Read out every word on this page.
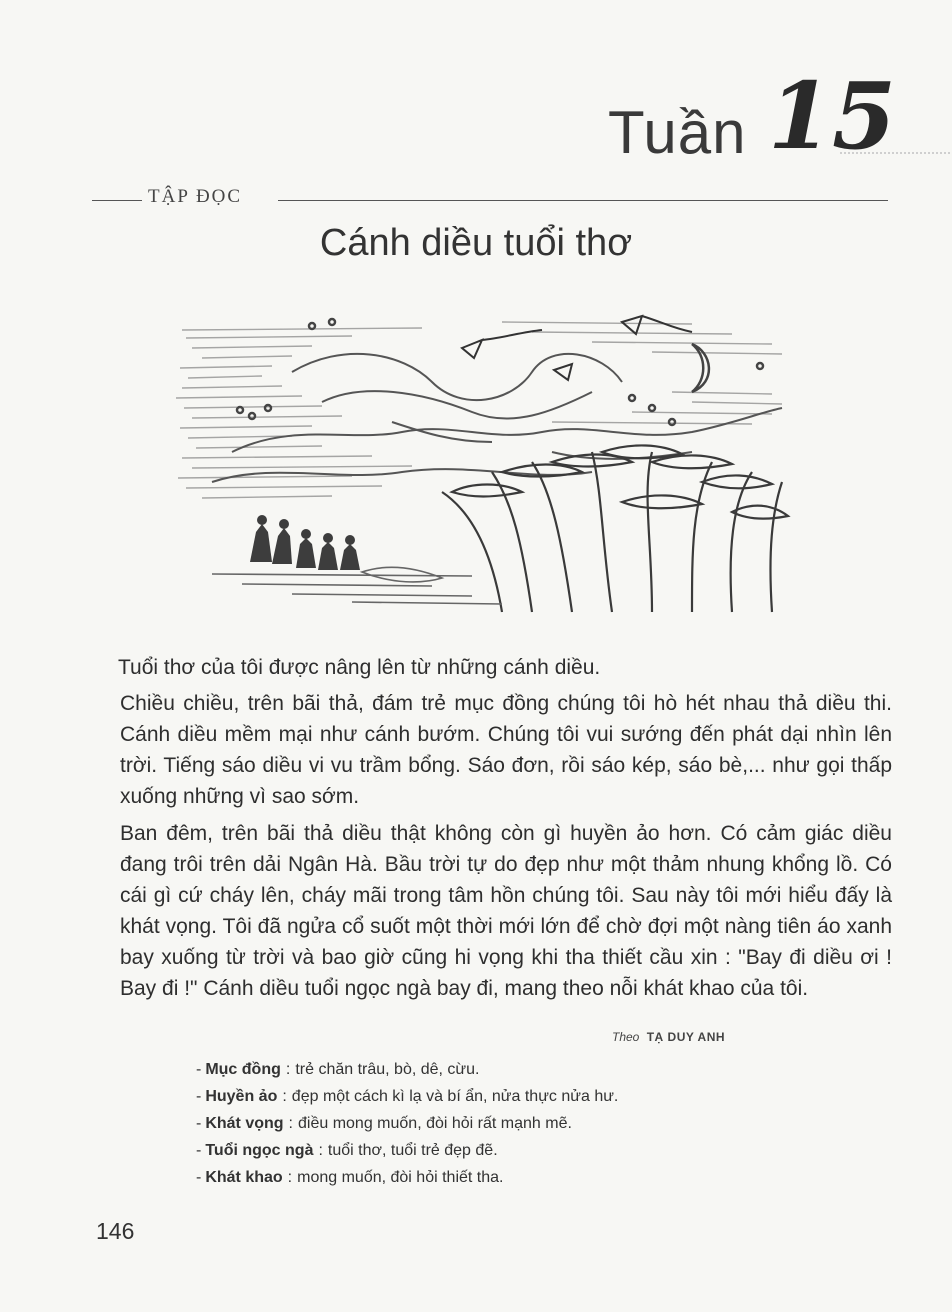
Tuần 15
TẬP ĐỌC
Cánh diều tuổi thơ

Tuổi thơ của tôi được nâng lên từ những cánh diều.

Chiều chiều, trên bãi thả, đám trẻ mục đồng chúng tôi hò hét nhau thả diều thi. Cánh diều mềm mại như cánh bướm. Chúng tôi vui sướng đến phát dại nhìn lên trời. Tiếng sáo diều vi vu trầm bổng. Sáo đơn, rồi sáo kép, sáo bè,... như gọi thấp xuống những vì sao sớm.

Ban đêm, trên bãi thả diều thật không còn gì huyền ảo hơn. Có cảm giác diều đang trôi trên dải Ngân Hà. Bầu trời tự do đẹp như một thảm nhung khổng lồ. Có cái gì cứ cháy lên, cháy mãi trong tâm hồn chúng tôi. Sau này tôi mới hiểu đấy là khát vọng. Tôi đã ngửa cổ suốt một thời mới lớn để chờ đợi một nàng tiên áo xanh bay xuống từ trời và bao giờ cũng hi vọng khi tha thiết cầu xin : "Bay đi diều ơi ! Bay đi !" Cánh diều tuổi ngọc ngà bay đi, mang theo nỗi khát khao của tôi.

Theo TẠ DUY ANH
- Mục đồng : trẻ chăn trâu, bò, dê, cừu.
- Huyền ảo : đẹp một cách kì lạ và bí ẩn, nửa thực nửa hư.
- Khát vọng : điều mong muốn, đòi hỏi rất mạnh mẽ.
- Tuổi ngọc ngà : tuổi thơ, tuổi trẻ đẹp đẽ.
- Khát khao : mong muốn, đòi hỏi thiết tha.
146
